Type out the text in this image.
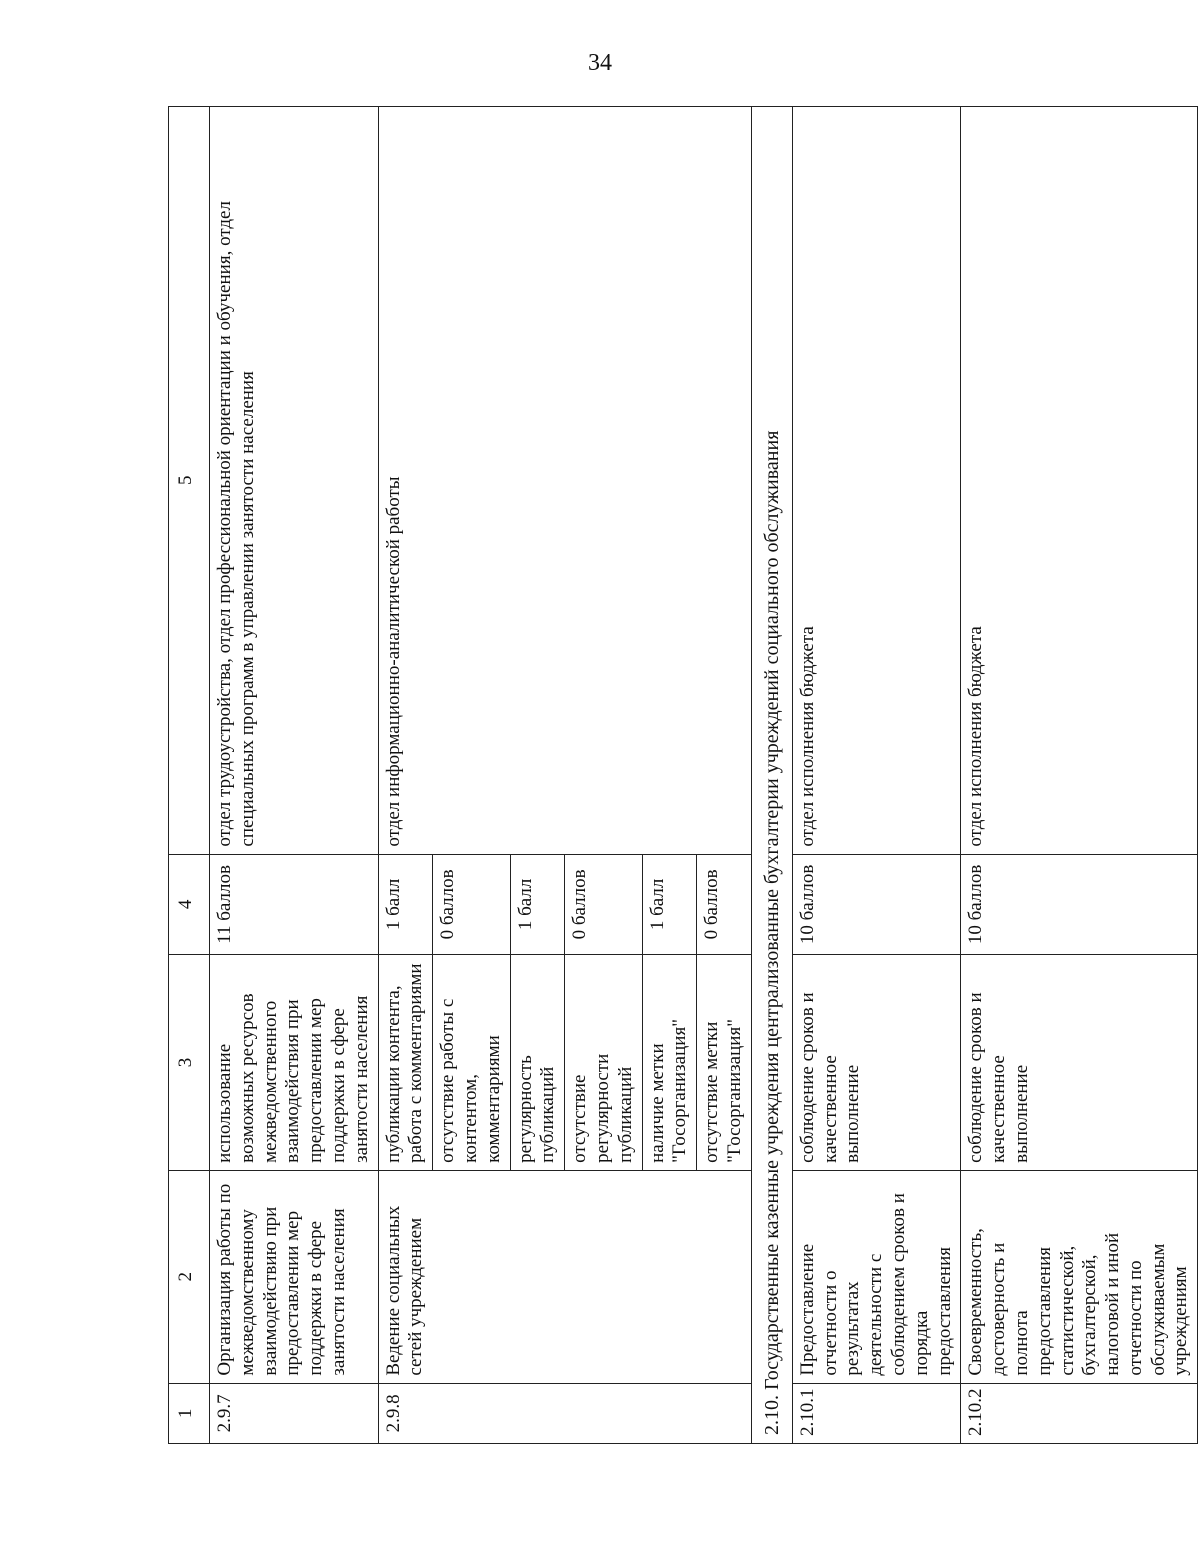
34
1	2	3	4	5
2.9.7	Организация работы по межведомственному взаимодействию при предоставлении мер поддержки в сфере занятости населения	использование возможных ресурсов межведомственного взаимодействия при предоставлении мер поддержки в сфере занятости населения	11 баллов	отдел трудоустройства, отдел профессиональной ориентации и обучения, отдел специальных программ в управлении занятости населения
2.9.8	Ведение социальных сетей учреждением	публикации контента, работа с комментариями	1 балл	отдел информационно-аналитической работы
		отсутствие работы с контентом, комментариями	0 баллов	
		регулярность публикаций	1 балл	
		отсутствие регулярности публикаций	0 баллов	
		наличие метки "Госорганизация"	1 балл	
		отсутствие метки "Госорганизация"	0 баллов	
2.10. Государственные казенные учреждения централизованные бухгалтерии учреждений социального обслуживания				
2.10.1	Предоставление отчетности о результатах деятельности с соблюдением сроков и порядка предоставления	соблюдение сроков и качественное выполнение	10 баллов	отдел исполнения бюджета
2.10.2	Своевременность, достоверность и полнота предоставления статистической, бухгалтерской, налоговой и иной отчетности по обслуживаемым учреждениям	соблюдение сроков и качественное выполнение	10 баллов	отдел исполнения бюджета
